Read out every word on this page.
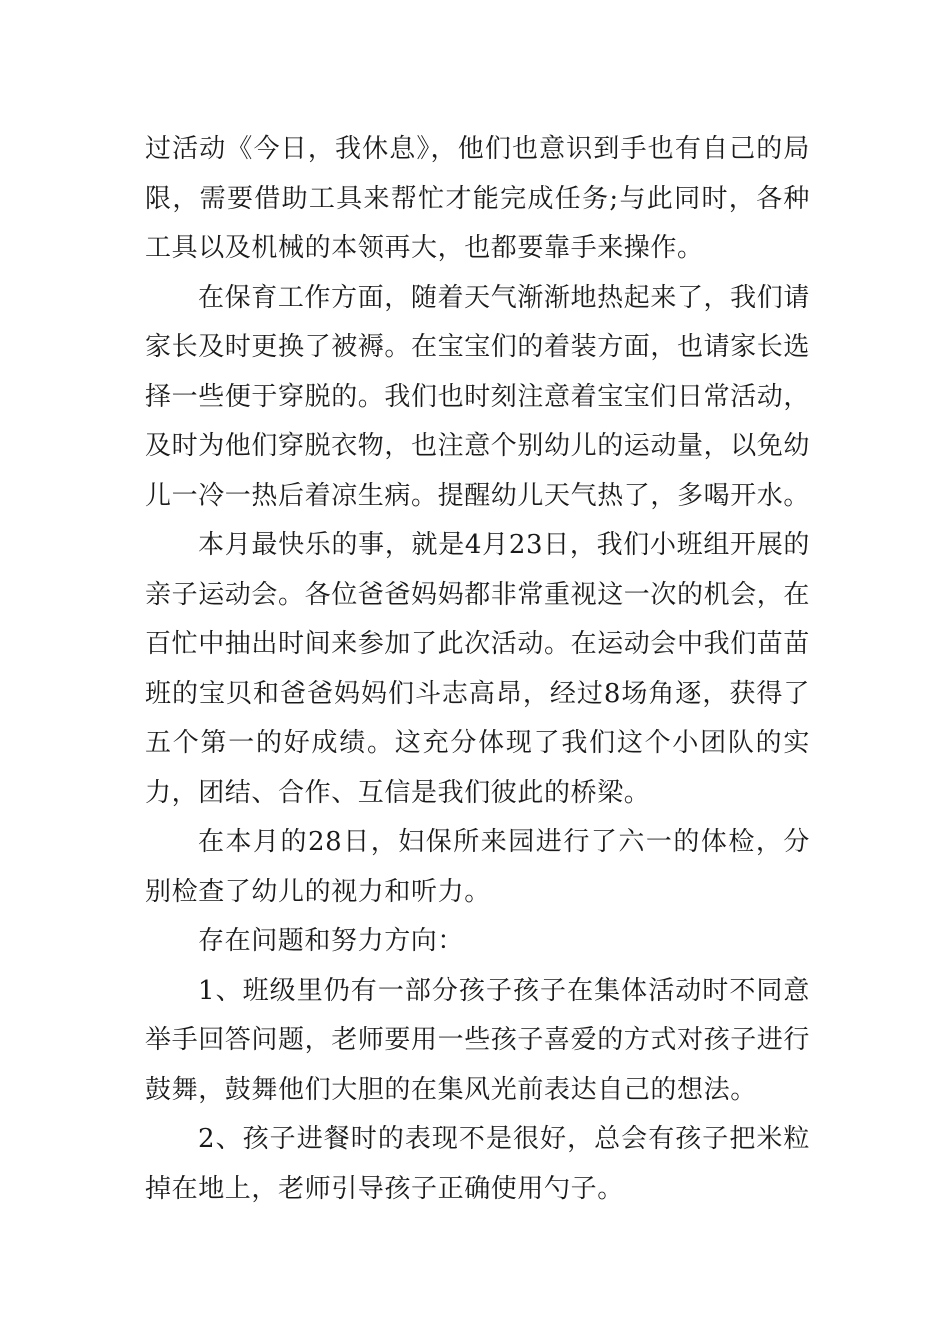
过活动《今日，我休息》，他们也意识到手也有自己的局限，需要借助工具来帮忙才能完成任务;与此同时，各种工具以及机械的本领再大，也都要靠手来操作。

在保育工作方面，随着天气渐渐地热起来了，我们请家长及时更换了被褥。在宝宝们的着装方面，也请家长选择一些便于穿脱的。我们也时刻注意着宝宝们日常活动，及时为他们穿脱衣物，也注意个别幼儿的运动量，以免幼儿一冷一热后着凉生病。提醒幼儿天气热了，多喝开水。

本月最快乐的事，就是4月23日，我们小班组开展的亲子运动会。各位爸爸妈妈都非常重视这一次的机会，在百忙中抽出时间来参加了此次活动。在运动会中我们苗苗班的宝贝和爸爸妈妈们斗志高昂，经过8场角逐，获得了五个第一的好成绩。这充分体现了我们这个小团队的实力，团结、合作、互信是我们彼此的桥梁。

在本月的28日，妇保所来园进行了六一的体检，分别检查了幼儿的视力和听力。

存在问题和努力方向：

1、班级里仍有一部分孩子孩子在集体活动时不同意举手回答问题，老师要用一些孩子喜爱的方式对孩子进行鼓舞，鼓舞他们大胆的在集风光前表达自己的想法。

2、孩子进餐时的表现不是很好，总会有孩子把米粒掉在地上，老师引导孩子正确使用勺子。
